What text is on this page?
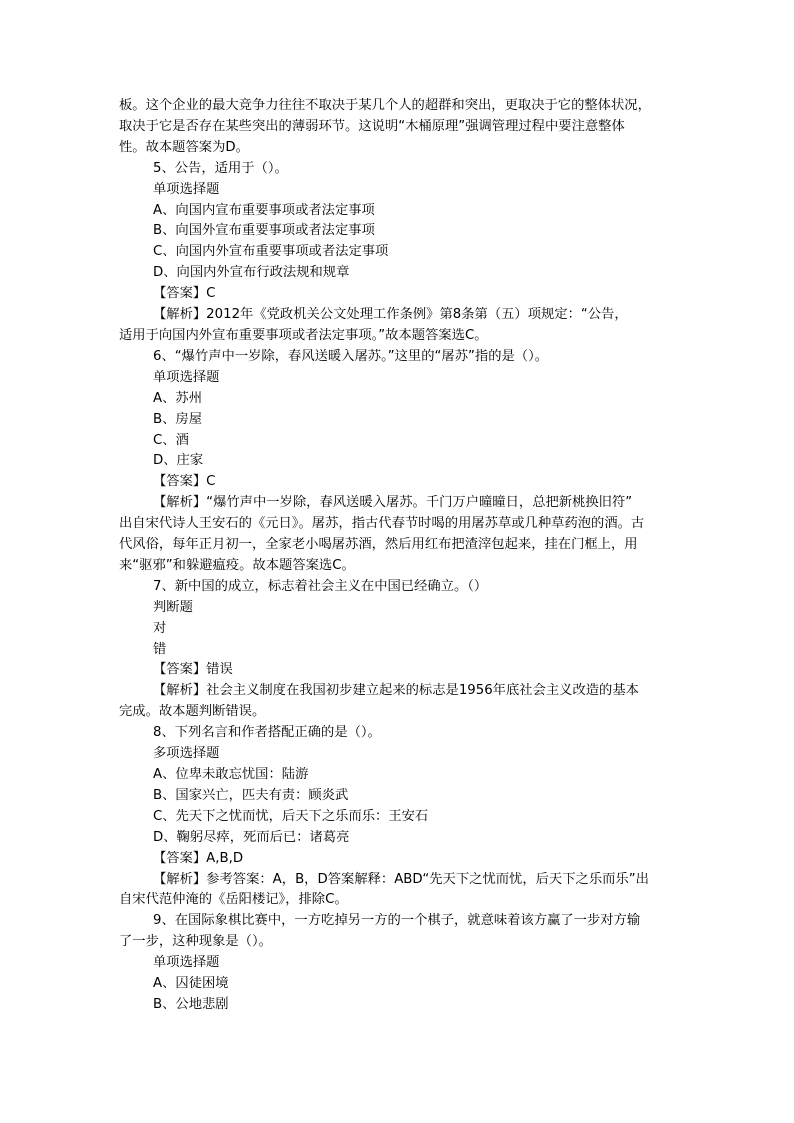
板。这个企业的最大竞争力往往不取决于某几个人的超群和突出，更取决于它的整体状况，
取决于它是否存在某些突出的薄弱环节。这说明“木桶原理”强调管理过程中要注意整体
性。故本题答案为D。
5、公告，适用于（）。
单项选择题
A、向国内宣布重要事项或者法定事项
B、向国外宣布重要事项或者法定事项
C、向国内外宣布重要事项或者法定事项
D、向国内外宣布行政法规和规章
【答案】C
【解析】2012年《党政机关公文处理工作条例》第8条第（五）项规定：“公告，
适用于向国内外宣布重要事项或者法定事项。”故本题答案选C。
6、“爆竹声中一岁除，春风送暖入屠苏。”这里的“屠苏”指的是（）。
单项选择题
A、苏州
B、房屋
C、酒
D、庄家
【答案】C
【解析】“爆竹声中一岁除，春风送暖入屠苏。千门万户曈曈日，总把新桃换旧符”
出自宋代诗人王安石的《元日》。屠苏，指古代春节时喝的用屠苏草或几种草药泡的酒。古
代风俗，每年正月初一，全家老小喝屠苏酒，然后用红布把渣滓包起来，挂在门框上，用
来“驱邪”和躲避瘟疫。故本题答案选C。
7、新中国的成立，标志着社会主义在中国已经确立。（）
判断题
对
错
【答案】错误
【解析】社会主义制度在我国初步建立起来的标志是1956年底社会主义改造的基本
完成。故本题判断错误。
8、下列名言和作者搭配正确的是（）。
多项选择题
A、位卑未敢忘忧国：陆游
B、国家兴亡，匹夫有责：顾炎武
C、先天下之忧而忧，后天下之乐而乐：王安石
D、鞠躬尽瘁，死而后已：诸葛亮
【答案】A,B,D
【解析】参考答案：A，B，D答案解释：ABD“先天下之忧而忧，后天下之乐而乐”出
自宋代范仲淹的《岳阳楼记》，排除C。
9、在国际象棋比赛中，一方吃掉另一方的一个棋子，就意味着该方赢了一步对方输
了一步，这种现象是（）。
单项选择题
A、囚徒困境
B、公地悲剧
